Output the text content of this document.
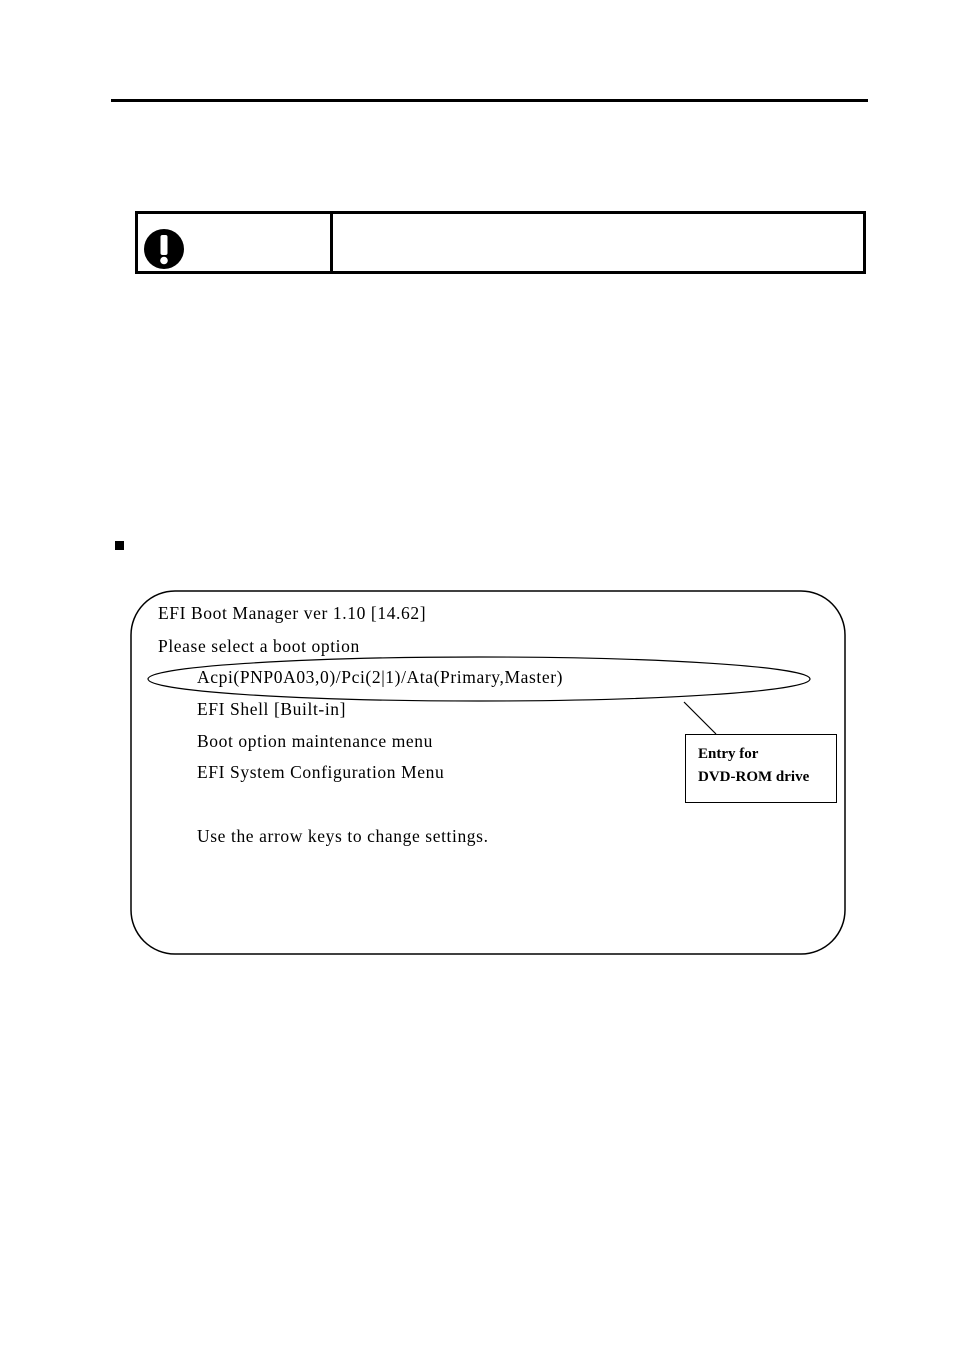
EFI Boot Manager ver 1.10 [14.62]
Please select a boot option
Acpi(PNP0A03,0)/Pci(2|1)/Ata(Primary,Master)
EFI Shell [Built-in]
Boot option maintenance menu
EFI System Configuration Menu
Use the arrow keys to change settings.
Entry for
DVD-ROM drive
